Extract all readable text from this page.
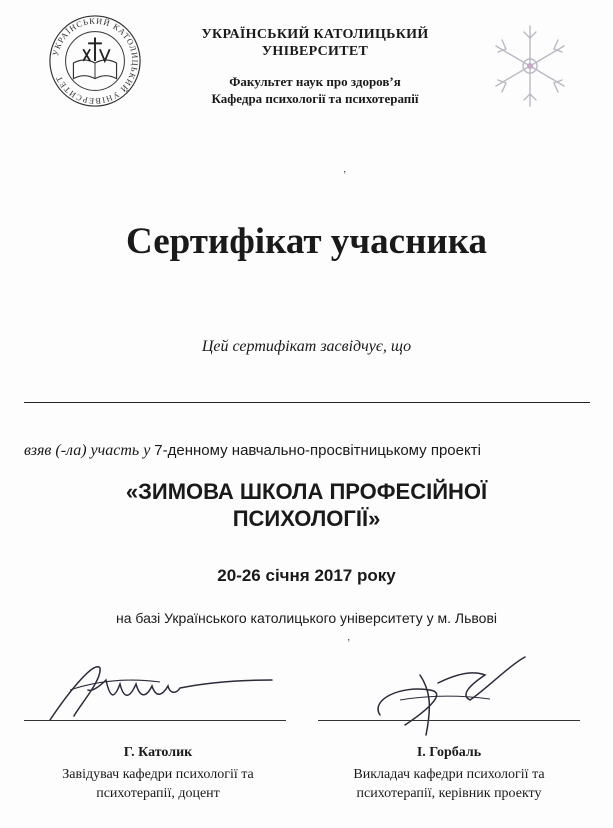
УКРАЇНСЬКИЙ КАТОЛИЦЬКИЙ УНІВЕРСИТЕТ
УКРАЇНСЬКИЙ КАТОЛИЦЬКИЙ
УНІВЕРСИТЕТ
Факультет наук про здоров’я
Кафедра психології та психотерапії
ʼ
Сертифікат учасника
Цей сертифікат засвідчує, що
взяв (-ла) участь у 7-денному навчально-просвітницькому проекті
«ЗИМОВА ШКОЛА ПРОФЕСІЙНОЇ
ПСИХОЛОГІЇ»
20-26 січня 2017 року
на базі Українського католицького університету у м. Львові
ʼ
Г. Католик
Завідувач кафедри психології та
психотерапії, доцент
І. Горбаль
Викладач кафедри психології та
психотерапії, керівник проекту
